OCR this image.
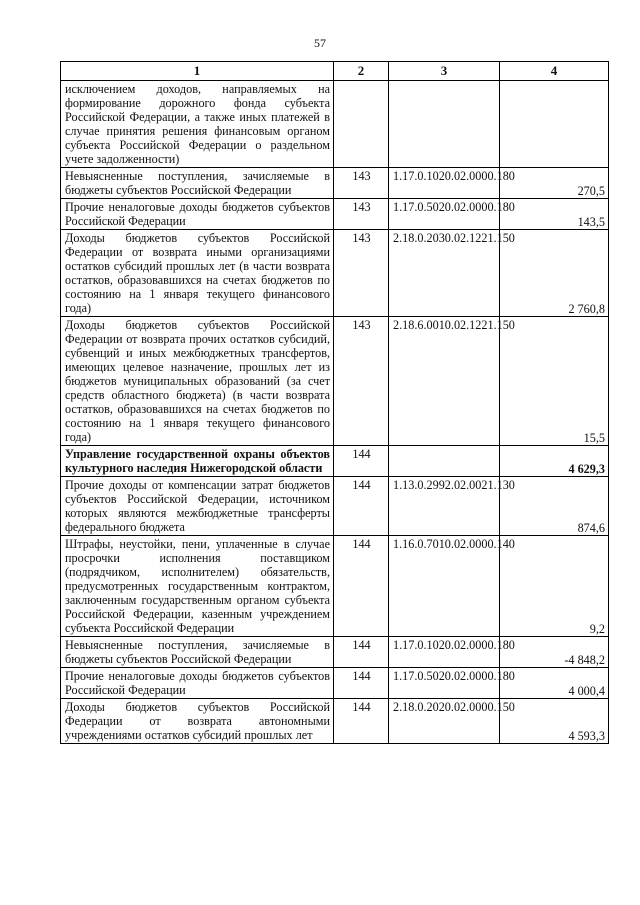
57
1	2	3	4
исключением доходов, направляемых на формирование дорожного фонда субъекта Российской Федерации, а также иных платежей в случае принятия решения финансовым органом субъекта Российской Федерации о раздельном учете задолженности)			
Невыясненные поступления, зачисляемые в бюджеты субъектов Российской Федерации	143	1.17.0.1020.02.0000.180	270,5
Прочие неналоговые доходы бюджетов субъектов Российской Федерации	143	1.17.0.5020.02.0000.180	143,5
Доходы бюджетов субъектов Российской Федерации от возврата иными организациями остатков субсидий прошлых лет (в части возврата остатков, образовавшихся на счетах бюджетов по состоянию на 1 января текущего финансового года)	143	2.18.0.2030.02.1221.150	2 760,8
Доходы бюджетов субъектов Российской Федерации от возврата прочих остатков субсидий, субвенций и иных межбюджетных трансфертов, имеющих целевое назначение, прошлых лет из бюджетов муниципальных образований (за счет средств областного бюджета) (в части возврата остатков, образовавшихся на счетах бюджетов по состоянию на 1 января текущего финансового года)	143	2.18.6.0010.02.1221.150	15,5
Управление государственной охраны объектов культурного наследия Нижегородской области	144		4 629,3
Прочие доходы от компенсации затрат бюджетов субъектов Российской Федерации, источником которых являются межбюджетные трансферты федерального бюджета	144	1.13.0.2992.02.0021.130	874,6
Штрафы, неустойки, пени, уплаченные в случае просрочки исполнения поставщиком (подрядчиком, исполнителем) обязательств, предусмотренных государственным контрактом, заключенным государственным органом субъекта Российской Федерации, казенным учреждением субъекта Российской Федерации	144	1.16.0.7010.02.0000.140	9,2
Невыясненные поступления, зачисляемые в бюджеты субъектов Российской Федерации	144	1.17.0.1020.02.0000.180	-4 848,2
Прочие неналоговые доходы бюджетов субъектов Российской Федерации	144	1.17.0.5020.02.0000.180	4 000,4
Доходы бюджетов субъектов Российской Федерации от возврата автономными учреждениями остатков субсидий прошлых лет	144	2.18.0.2020.02.0000.150	4 593,3
